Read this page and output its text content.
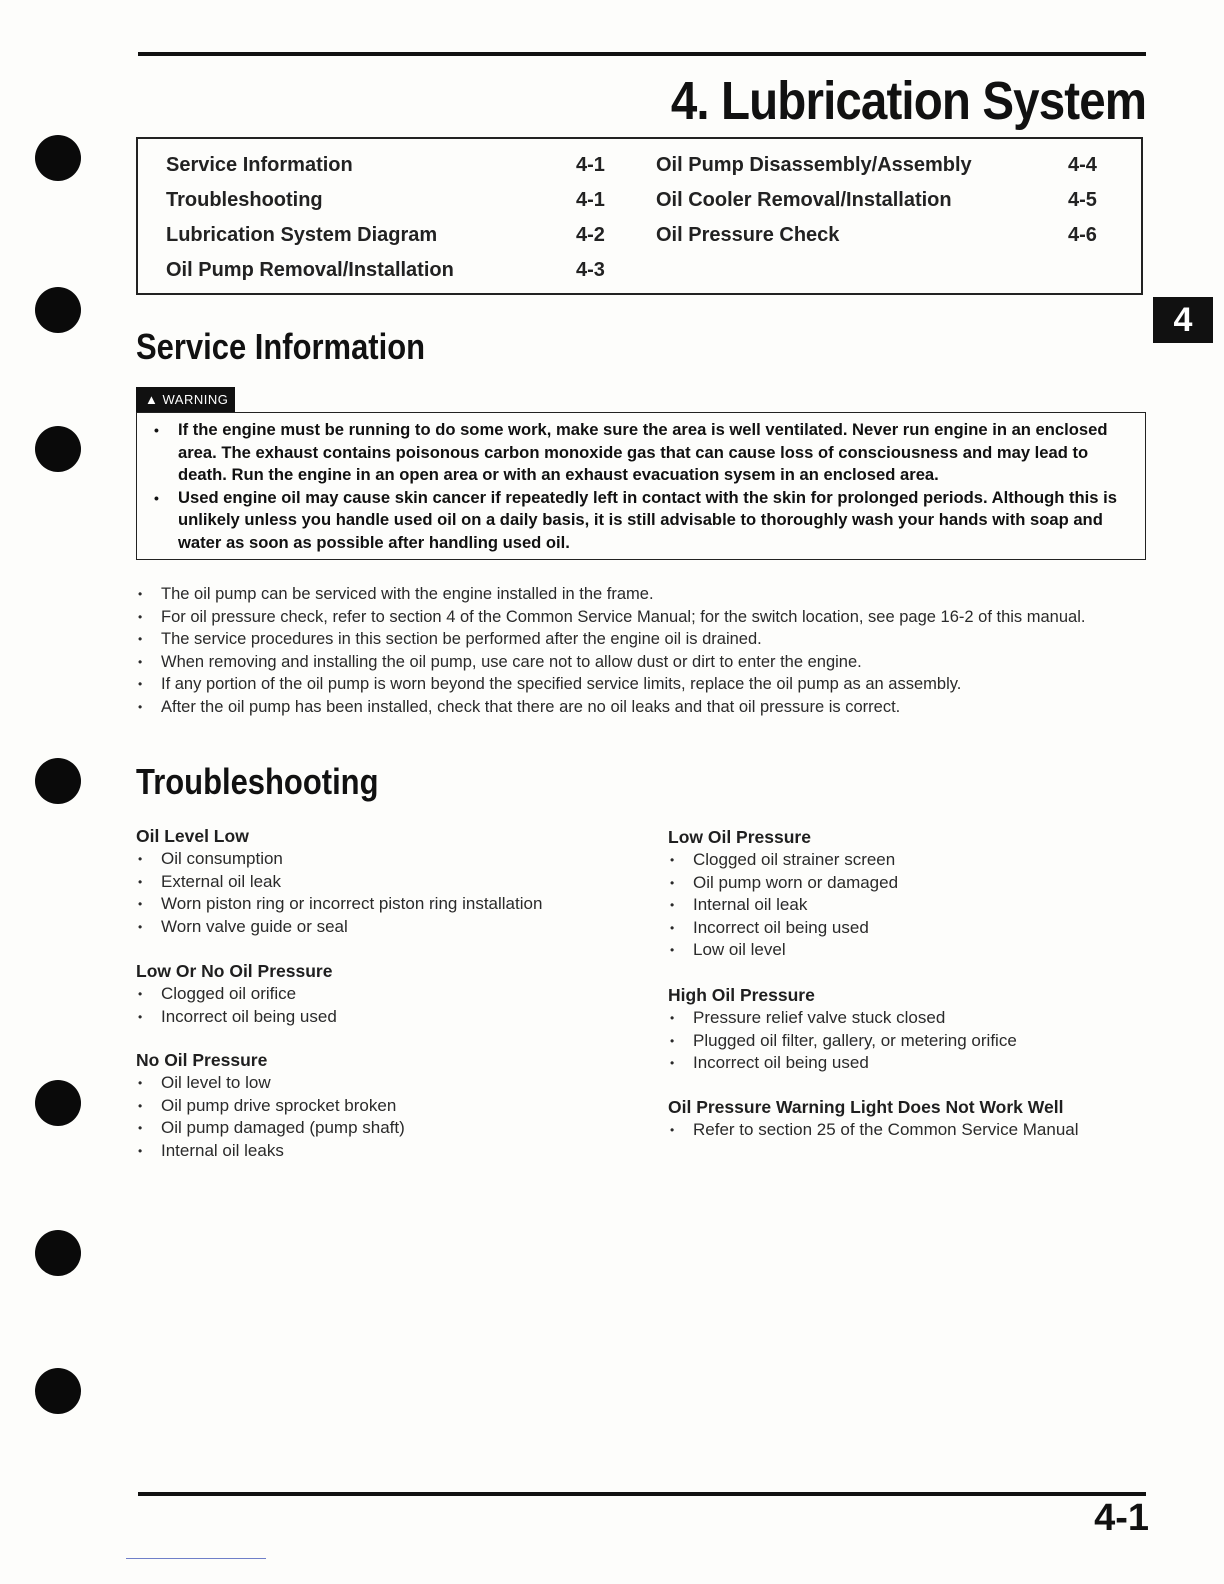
4. Lubrication System
Service Information	4-1
Troubleshooting	4-1
Lubrication System Diagram	4-2
Oil Pump Removal/Installation	4-3
Oil Pump Disassembly/Assembly	4-4
Oil Cooler Removal/Installation	4-5
Oil Pressure Check	4-6
4
Service Information
▲ WARNING
• If the engine must be running to do some work, make sure the area is well ventilated. Never run engine in an enclosed area. The exhaust contains poisonous carbon monoxide gas that can cause loss of consciousness and may lead to death. Run the engine in an open area or with an exhaust evacuation sysem in an enclosed area.
• Used engine oil may cause skin cancer if repeatedly left in contact with the skin for prolonged periods. Although this is unlikely unless you handle used oil on a daily basis, it is still advisable to thoroughly wash your hands with soap and water as soon as possible after handling used oil.
• The oil pump can be serviced with the engine installed in the frame.
• For oil pressure check, refer to section 4 of the Common Service Manual; for the switch location, see page 16-2 of this manual.
• The service procedures in this section be performed after the engine oil is drained.
• When removing and installing the oil pump, use care not to allow dust or dirt to enter the engine.
• If any portion of the oil pump is worn beyond the specified service limits, replace the oil pump as an assembly.
• After the oil pump has been installed, check that there are no oil leaks and that oil pressure is correct.
Troubleshooting
Oil Level Low
• Oil consumption
• External oil leak
• Worn piston ring or incorrect piston ring installation
• Worn valve guide or seal
Low Or No Oil Pressure
• Clogged oil orifice
• Incorrect oil being used
No Oil Pressure
• Oil level to low
• Oil pump drive sprocket broken
• Oil pump damaged (pump shaft)
• Internal oil leaks
Low Oil Pressure
• Clogged oil strainer screen
• Oil pump worn or damaged
• Internal oil leak
• Incorrect oil being used
• Low oil level
High Oil Pressure
• Pressure relief valve stuck closed
• Plugged oil filter, gallery, or metering orifice
• Incorrect oil being used
Oil Pressure Warning Light Does Not Work Well
• Refer to section 25 of the Common Service Manual

4-1
